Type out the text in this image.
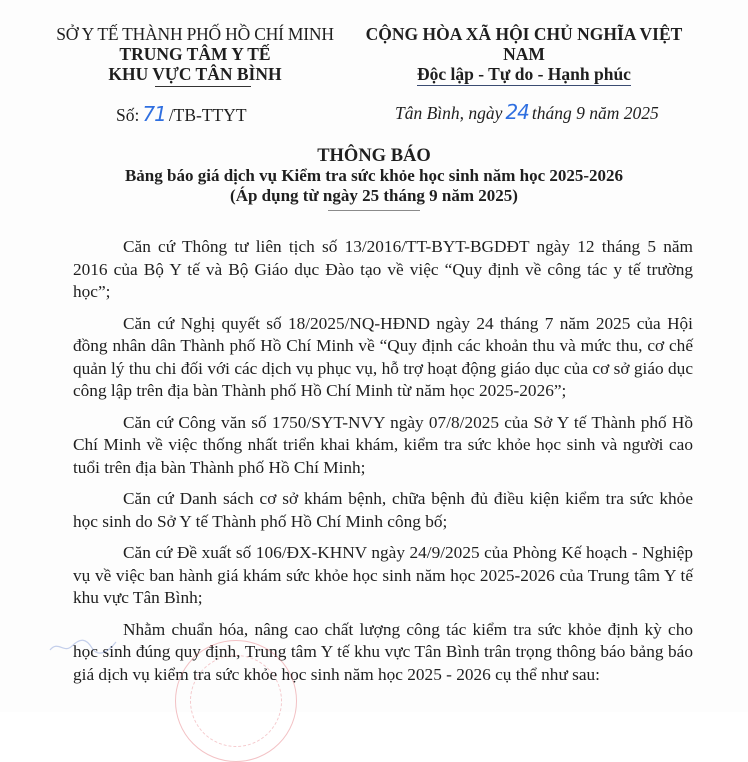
SỞ Y TẾ THÀNH PHỐ HỒ CHÍ MINH
TRUNG TÂM Y TẾ
KHU VỰC TÂN BÌNH
CỘNG HÒA XÃ HỘI CHỦ NGHĨA VIỆT NAM
Độc lập - Tự do - Hạnh phúc
Số: 71 /TB-TTYT	Tân Bình, ngày 24 tháng 9 năm 2025
THÔNG BÁO
Bảng báo giá dịch vụ Kiểm tra sức khỏe học sinh năm học 2025-2026
(Áp dụng từ ngày 25 tháng 9 năm 2025)

Căn cứ Thông tư liên tịch số 13/2016/TT-BYT-BGDĐT ngày 12 tháng 5 năm 2016 của Bộ Y tế và Bộ Giáo dục Đào tạo về việc “Quy định về công tác y tế trường học”;

Căn cứ Nghị quyết số 18/2025/NQ-HĐND ngày 24 tháng 7 năm 2025 của Hội đồng nhân dân Thành phố Hồ Chí Minh về “Quy định các khoản thu và mức thu, cơ chế quản lý thu chi đối với các dịch vụ phục vụ, hỗ trợ hoạt động giáo dục của cơ sở giáo dục công lập trên địa bàn Thành phố Hồ Chí Minh từ năm học 2025-2026”;

Căn cứ Công văn số 1750/SYT-NVY ngày 07/8/2025 của Sở Y tế Thành phố Hồ Chí Minh về việc thống nhất triển khai khám, kiểm tra sức khỏe học sinh và người cao tuổi trên địa bàn Thành phố Hồ Chí Minh;

Căn cứ Danh sách cơ sở khám bệnh, chữa bệnh đủ điều kiện kiểm tra sức khỏe học sinh do Sở Y tế Thành phố Hồ Chí Minh công bố;

Căn cứ Đề xuất số 106/ĐX-KHNV ngày 24/9/2025 của Phòng Kế hoạch - Nghiệp vụ về việc ban hành giá khám sức khỏe học sinh năm học 2025-2026 của Trung tâm Y tế khu vực Tân Bình;

Nhằm chuẩn hóa, nâng cao chất lượng công tác kiểm tra sức khỏe định kỳ cho học sinh đúng quy định, Trung tâm Y tế khu vực Tân Bình trân trọng thông báo bảng báo giá dịch vụ kiểm tra sức khỏe học sinh năm học 2025 - 2026 cụ thể như sau:
